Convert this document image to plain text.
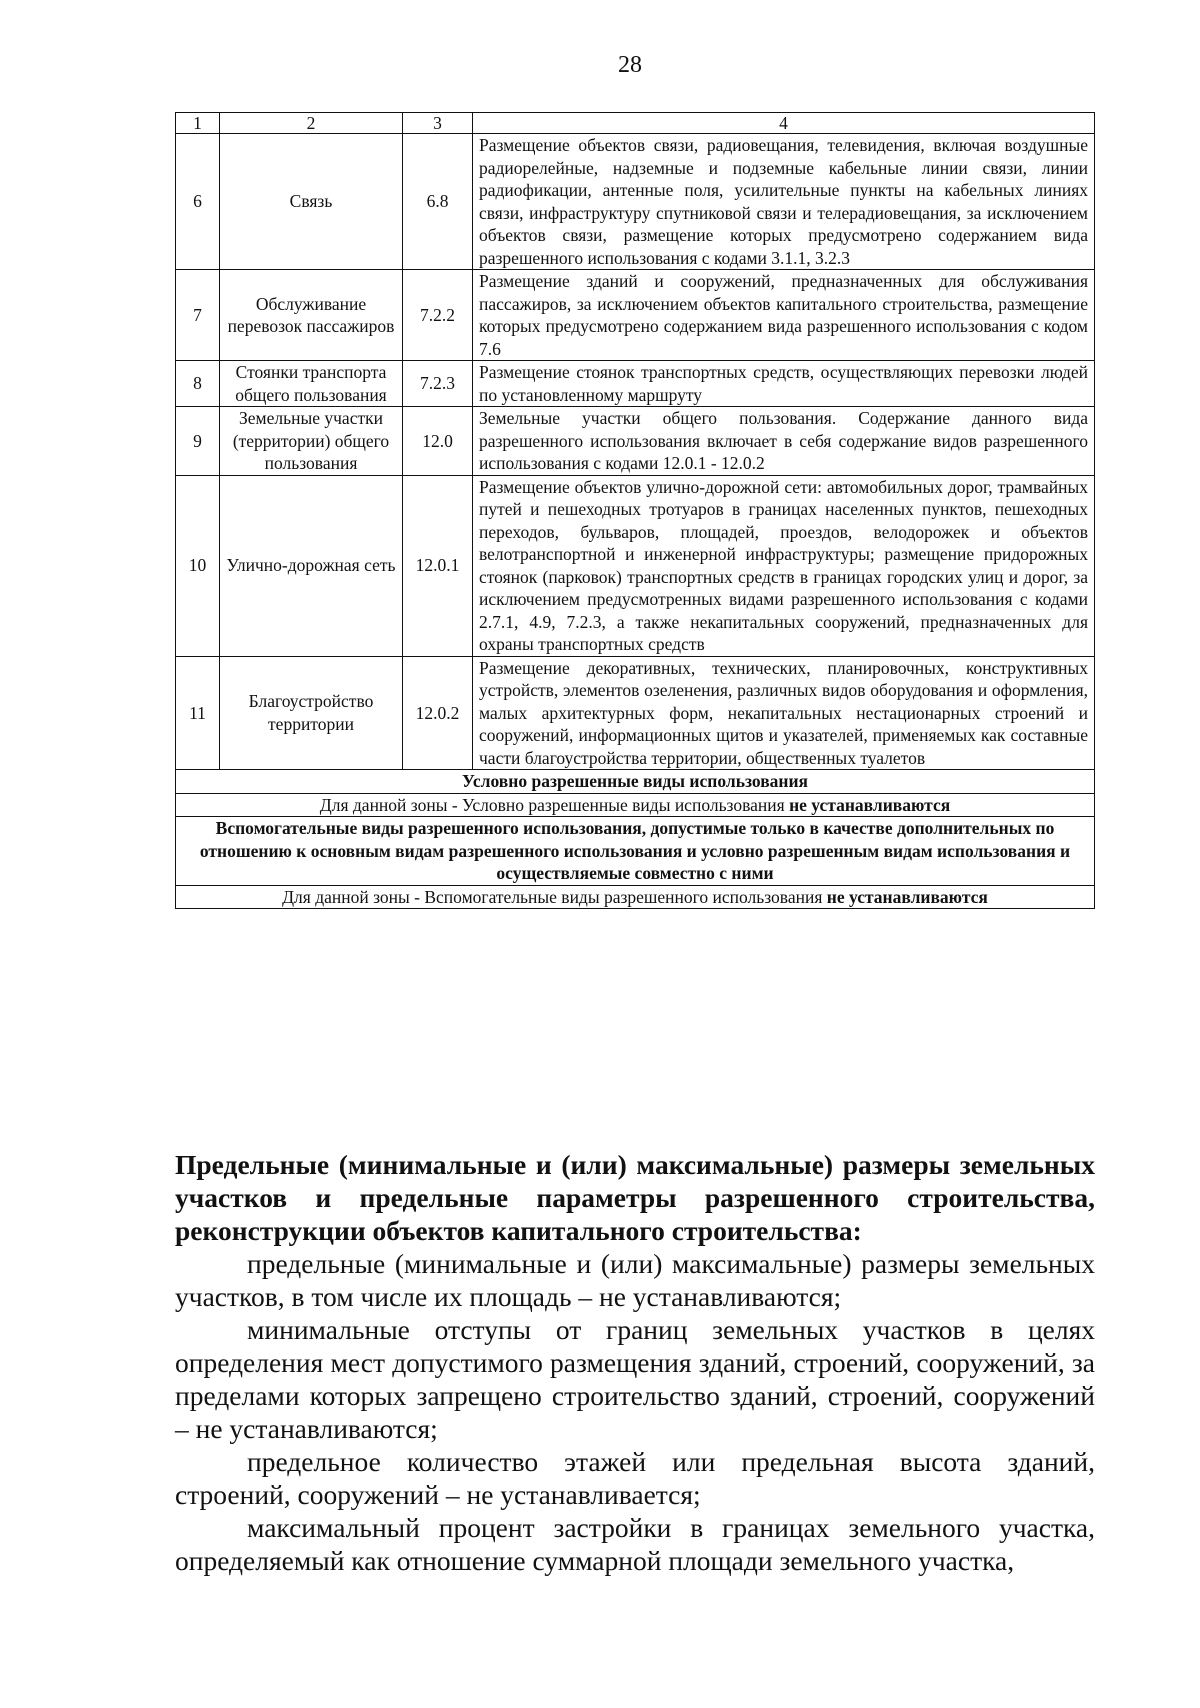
28
1	2	3	4
6	Связь	6.8	Размещение объектов связи, радиовещания, телевидения, включая воздушные радиорелейные, надземные и подземные кабельные линии связи, линии радиофикации, антенные поля, усилительные пункты на кабельных линиях связи, инфраструктуру спутниковой связи и телерадиовещания, за исключением объектов связи, размещение которых предусмотрено содержанием вида разрешенного использования с кодами 3.1.1, 3.2.3
7	Обслуживание перевозок пассажиров	7.2.2	Размещение зданий и сооружений, предназначенных для обслуживания пассажиров, за исключением объектов капитального строительства, размещение которых предусмотрено содержанием вида разрешенного использования с кодом 7.6
8	Стоянки транспорта общего пользования	7.2.3	Размещение стоянок транспортных средств, осуществляющих перевозки людей по установленному маршруту
9	Земельные участки (территории) общего пользования	12.0	Земельные участки общего пользования. Содержание данного вида разрешенного использования включает в себя содержание видов разрешенного использования с кодами 12.0.1 - 12.0.2
10	Улично-дорожная сеть	12.0.1	Размещение объектов улично-дорожной сети: автомобильных дорог, трамвайных путей и пешеходных тротуаров в границах населенных пунктов, пешеходных переходов, бульваров, площадей, проездов, велодорожек и объектов велотранспортной и инженерной инфраструктуры; размещение придорожных стоянок (парковок) транспортных средств в границах городских улиц и дорог, за исключением предусмотренных видами разрешенного использования с кодами 2.7.1, 4.9, 7.2.3, а также некапитальных сооружений, предназначенных для охраны транспортных средств
11	Благоустройство территории	12.0.2	Размещение декоративных, технических, планировочных, конструктивных устройств, элементов озеленения, различных видов оборудования и оформления, малых архитектурных форм, некапитальных нестационарных строений и сооружений, информационных щитов и указателей, применяемых как составные части благоустройства территории, общественных туалетов
Условно разрешенные виды использования			
Для данной зоны - Условно разрешенные виды использования не устанавливаются			
Вспомогательные виды разрешенного использования, допустимые только в качестве дополнительных по отношению к основным видам разрешенного использования и условно разрешенным видам использования и осуществляемые совместно с ними			
Для данной зоны - Вспомогательные виды разрешенного использования не устанавливаются			
Предельные (минимальные и (или) максимальные) размеры земельных участков и предельные параметры разрешенного строительства, реконструкции объектов капитального строительства:

предельные (минимальные и (или) максимальные) размеры земельных участков, в том числе их площадь – не устанавливаются;

минимальные отступы от границ земельных участков в целях определения мест допустимого размещения зданий, строений, сооружений, за пределами которых запрещено строительство зданий, строений, сооружений – не устанавливаются;

предельное количество этажей или предельная высота зданий, строений, сооружений – не устанавливается;

максимальный процент застройки в границах земельного участка, определяемый как отношение суммарной площади земельного участка,
